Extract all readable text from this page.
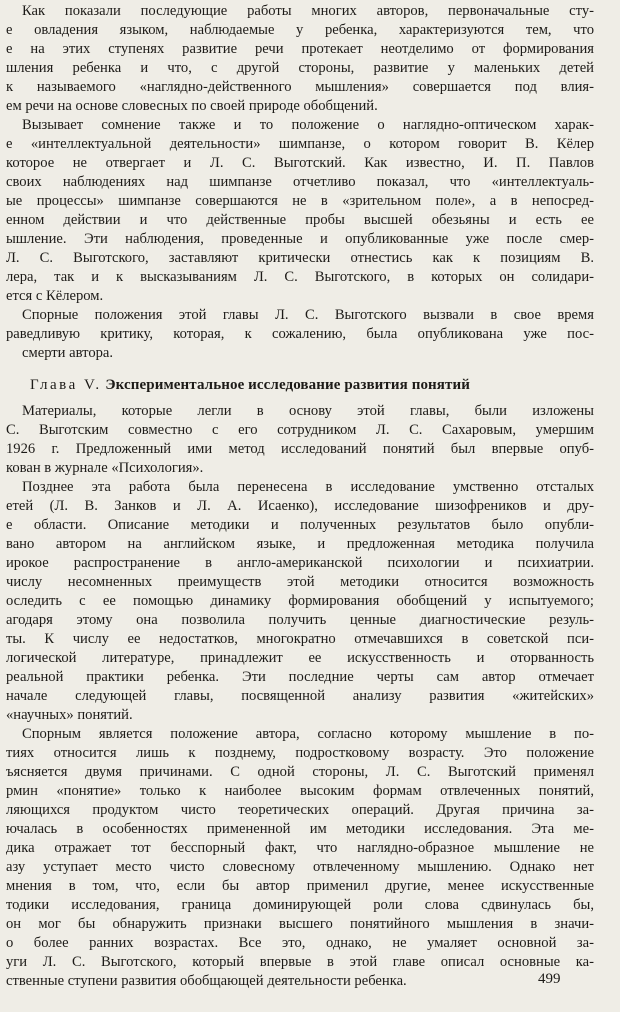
Как показали последующие работы многих авторов, первоначальные сту-
е овладения языком, наблюдаемые у ребенка, характеризуются тем, что
е на этих ступенях развитие речи протекает неотделимо от формирования
шления ребенка и что, с другой стороны, развитие у маленьких детей
к называемого «наглядно-действенного мышления» совершается под влия-
ем речи на основе словесных по своей природе обобщений.
Вызывает сомнение также и то положение о наглядно-оптическом харак-
е «интеллектуальной деятельности» шимпанзе, о котором говорит В. Кёлер
которое не отвергает и Л. С. Выготский. Как известно, И. П. Павлов
своих наблюдениях над шимпанзе отчетливо показал, что «интеллектуаль-
ые процессы» шимпанзе совершаются не в «зрительном поле», а в непосред-
енном действии и что действенные пробы высшей обезьяны и есть ее
ышление. Эти наблюдения, проведенные и опубликованные уже после смер-
Л. С. Выготского, заставляют критически отнестись как к позициям В.
лера, так и к высказываниям Л. С. Выготского, в которых он солидари-
ется с Кёлером.
Спорные положения этой главы Л. С. Выготского вызвали в свое время
раведливую критику, которая, к сожалению, была опубликована уже пос-
смерти автора.
Глава V. Экспериментальное исследование развития понятий
Материалы, которые легли в основу этой главы, были изложены
С. Выготским совместно с его сотрудником Л. С. Сахаровым, умершим
1926 г. Предложенный ими метод исследований понятий был впервые опуб-
кован в журнале «Психология».
Позднее эта работа была перенесена в исследование умственно отсталых
етей (Л. В. Занков и Л. А. Исаенко), исследование шизофреников и дру-
е области. Описание методики и полученных результатов было опубли-
вано автором на английском языке, и предложенная методика получила
ирокое распространение в англо-американской психологии и психиатрии.
числу несомненных преимуществ этой методики относится возможность
оследить с ее помощью динамику формирования обобщений у испытуемого;
агодаря этому она позволила получить ценные диагностические резуль-
ты. К числу ее недостатков, многократно отмечавшихся в советской пси-
логической литературе, принадлежит ее искусственность и оторванность
реальной практики ребенка. Эти последние черты сам автор отмечает
начале следующей главы, посвященной анализу развития «житейских»
«научных» понятий.
Спорным является положение автора, согласно которому мышление в по-
тиях относится лишь к позднему, подростковому возрасту. Это положение
ъясняется двумя причинами. С одной стороны, Л. С. Выготский применял
рмин «понятие» только к наиболее высоким формам отвлеченных понятий,
ляющихся продуктом чисто теоретических операций. Другая причина за-
ючалась в особенностях примененной им методики исследования. Эта ме-
дика отражает тот бесспорный факт, что наглядно-образное мышление не
азу уступает место чисто словесному отвлеченному мышлению. Однако нет
мнения в том, что, если бы автор применил другие, менее искусственные
тодики исследования, граница доминирующей роли слова сдвинулась бы,
он мог бы обнаружить признаки высшего понятийного мышления в значи-
о более ранних возрастах. Все это, однако, не умаляет основной за-
уги Л. С. Выготского, который впервые в этой главе описал основные ка-
ственные ступени развития обобщающей деятельности ребенка.	499
